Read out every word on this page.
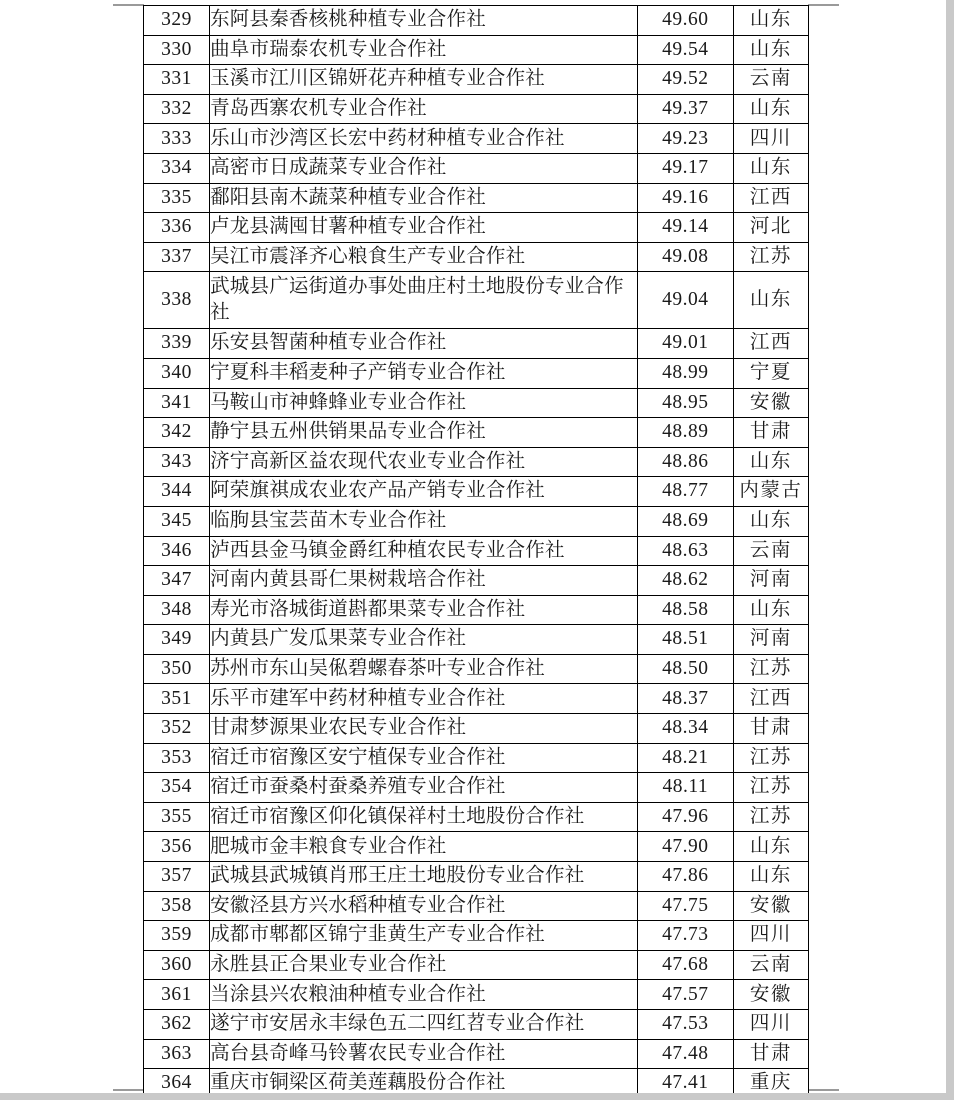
329	东阿县秦香核桃种植专业合作社	49.60	山东
330	曲阜市瑞泰农机专业合作社	49.54	山东
331	玉溪市江川区锦妍花卉种植专业合作社	49.52	云南
332	青岛西寨农机专业合作社	49.37	山东
333	乐山市沙湾区长宏中药材种植专业合作社	49.23	四川
334	高密市日成蔬菜专业合作社	49.17	山东
335	鄱阳县南木蔬菜种植专业合作社	49.16	江西
336	卢龙县满囤甘薯种植专业合作社	49.14	河北
337	吴江市震泽齐心粮食生产专业合作社	49.08	江苏
338	武城县广运街道办事处曲庄村土地股份专业合作社	49.04	山东
339	乐安县智菌种植专业合作社	49.01	江西
340	宁夏科丰稻麦种子产销专业合作社	48.99	宁夏
341	马鞍山市神蜂蜂业专业合作社	48.95	安徽
342	静宁县五州供销果品专业合作社	48.89	甘肃
343	济宁高新区益农现代农业专业合作社	48.86	山东
344	阿荣旗祺成农业农产品产销专业合作社	48.77	内蒙古
345	临朐县宝芸苗木专业合作社	48.69	山东
346	泸西县金马镇金爵红种植农民专业合作社	48.63	云南
347	河南内黄县哥仁果树栽培合作社	48.62	河南
348	寿光市洛城街道斟都果菜专业合作社	48.58	山东
349	内黄县广发瓜果菜专业合作社	48.51	河南
350	苏州市东山吴俬碧螺春茶叶专业合作社	48.50	江苏
351	乐平市建军中药材种植专业合作社	48.37	江西
352	甘肃梦源果业农民专业合作社	48.34	甘肃
353	宿迁市宿豫区安宁植保专业合作社	48.21	江苏
354	宿迁市蚕桑村蚕桑养殖专业合作社	48.11	江苏
355	宿迁市宿豫区仰化镇保祥村土地股份合作社	47.96	江苏
356	肥城市金丰粮食专业合作社	47.90	山东
357	武城县武城镇肖邢王庄土地股份专业合作社	47.86	山东
358	安徽泾县方兴水稻种植专业合作社	47.75	安徽
359	成都市郫都区锦宁韭黄生产专业合作社	47.73	四川
360	永胜县正合果业专业合作社	47.68	云南
361	当涂县兴农粮油种植专业合作社	47.57	安徽
362	遂宁市安居永丰绿色五二四红苕专业合作社	47.53	四川
363	高台县奇峰马铃薯农民专业合作社	47.48	甘肃
364	重庆市铜梁区荷美莲藕股份合作社	47.41	重庆
